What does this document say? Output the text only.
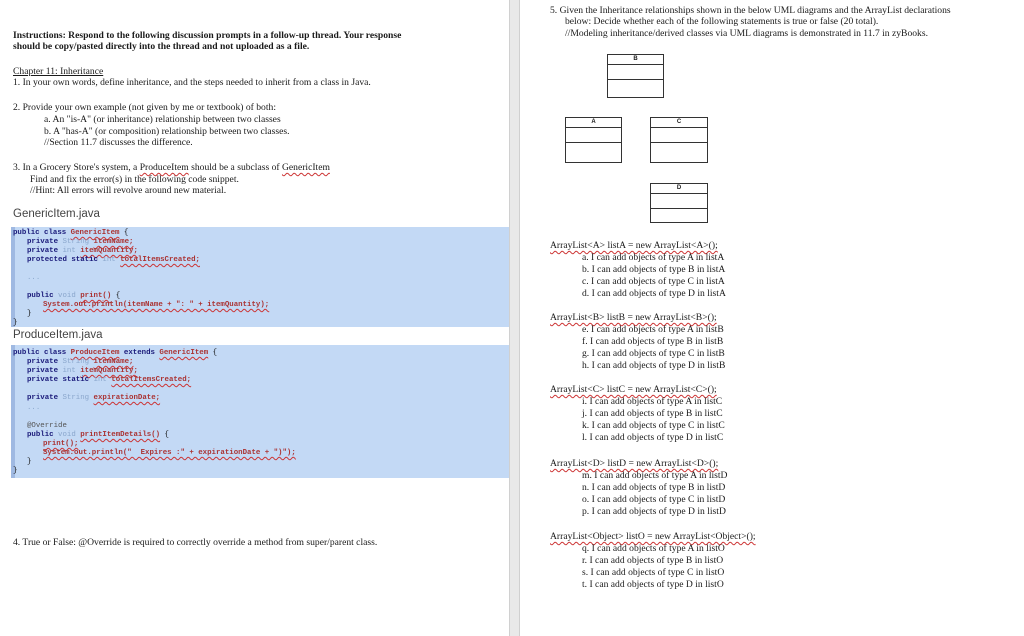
Instructions: Respond to the following discussion prompts in a follow-up thread. Your response
should be copy/pasted directly into the thread and not uploaded as a file.
Chapter 11: Inheritance
1. In your own words, define inheritance, and the steps needed to inherit from a class in Java.
2. Provide your own example (not given by me or textbook) of both:
a. An "is-A" (or inheritance) relationship between two classes
b. A "has-A" (or composition) relationship between two classes.
//Section 11.7 discusses the difference.
3. In a Grocery Store's system, a ProduceItem should be a subclass of GenericItem
Find and fix the error(s) in the following code snippet.
//Hint: All errors will revolve around new material.
GenericItem.java
public class GenericItem {
private String itemName;
private int itemQuantity;
protected static int totalItemsCreated;
...
public void print() {
System.out.println(itemName + ": " + itemQuantity);
}
}
ProduceItem.java
public class ProduceItem extends GenericItem {
private String itemName;
private int itemQuantity;
private static int totalItemsCreated;
private String expirationDate;
...
@Override
public void printItemDetails() {
print();
System.out.println("  Expires :" + expirationDate + ")");
}
}
4. True or False: @Override is required to correctly override a method from super/parent class.
5. Given the Inheritance relationships shown in the below UML diagrams and the ArrayList declarations
below: Decide whether each of the following statements is true or false (20 total).
//Modeling inheritance/derived classes via UML diagrams is demonstrated in 11.7 in zyBooks.
B
A	C
D
ArrayList<A> listA = new ArrayList<A>();
a. I can add objects of type A in listA
b. I can add objects of type B in listA
c. I can add objects of type C in listA
d. I can add objects of type D in listA
ArrayList<B> listB = new ArrayList<B>();
e. I can add objects of type A in listB
f. I can add objects of type B in listB
g. I can add objects of type C in listB
h. I can add objects of type D in listB
ArrayList<C> listC = new ArrayList<C>();
i. I can add objects of type A in listC
j. I can add objects of type B in listC
k. I can add objects of type C in listC
l. I can add objects of type D in listC
ArrayList<D> listD = new ArrayList<D>();
m. I can add objects of type A in listD
n. I can add objects of type B in listD
o. I can add objects of type C in listD
p. I can add objects of type D in listD
ArrayList<Object> listO = new ArrayList<Object>();
q. I can add objects of type A in listO
r. I can add objects of type B in listO
s. I can add objects of type C in listO
t. I can add objects of type D in listO
